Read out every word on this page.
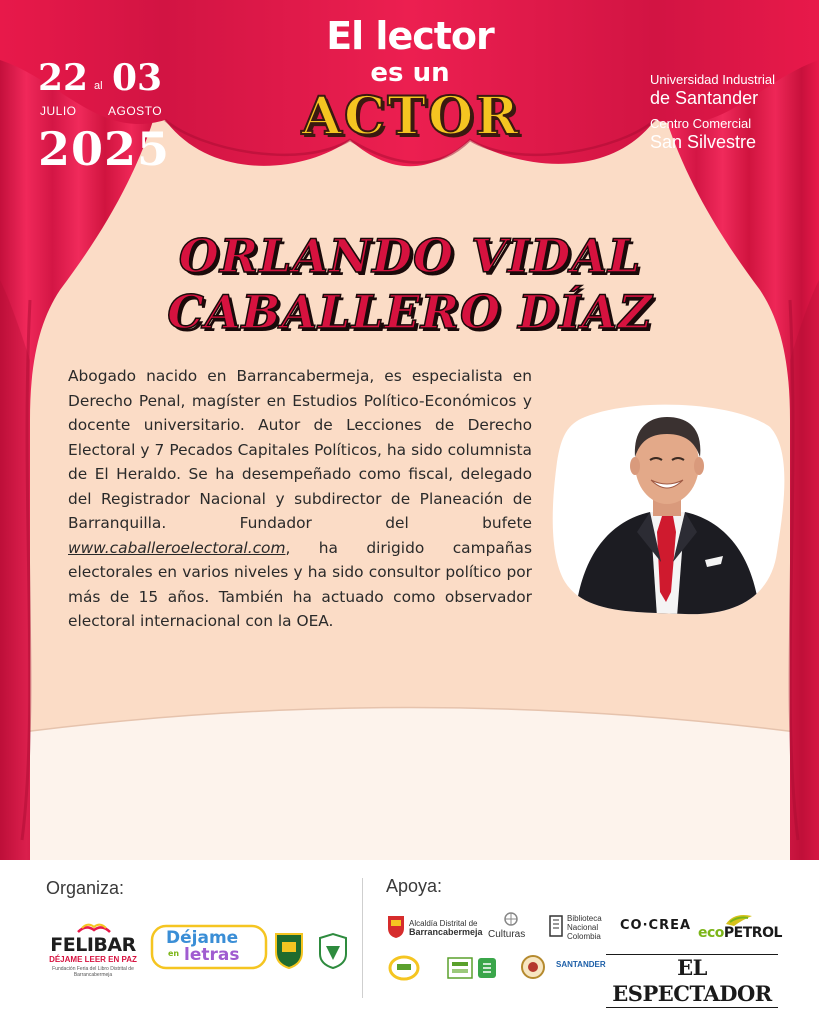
22 al 03
JULIO	AGOSTO
2025
El lector
es un
ACTOR
Universidad Industrial
de Santander
Centro Comercial
San Silvestre
ORLANDO VIDAL
CABALLERO DÍAZ
Abogado nacido en Barrancabermeja, es especialista en Derecho Penal, magíster en Estudios Político-Económicos y docente universitario. Autor de Lecciones de Derecho Electoral y 7 Pecados Capitales Políticos, ha sido columnista de El Heraldo. Se ha desempeñado como fiscal, delegado del Registrador Nacional y subdirector de Planeación de Barranquilla. Fundador del bufete www.caballeroelectoral.com, ha dirigido campañas electorales en varios niveles y ha sido consultor político por más de 15 años. También ha actuado como observador electoral internacional con la OEA.
Organiza:	Apoya:
FELIBAR
DÉJAME LEER EN PAZ
Fundación Feria del Libro Distrital de Barrancabermeja
Déjame
en letras
Alcaldía Distrital de
Barrancabermeja Culturas
Biblioteca
Nacional
Colombia
CO·CREA ecoPETROL
SANTANDER	EL ESPECTADOR
